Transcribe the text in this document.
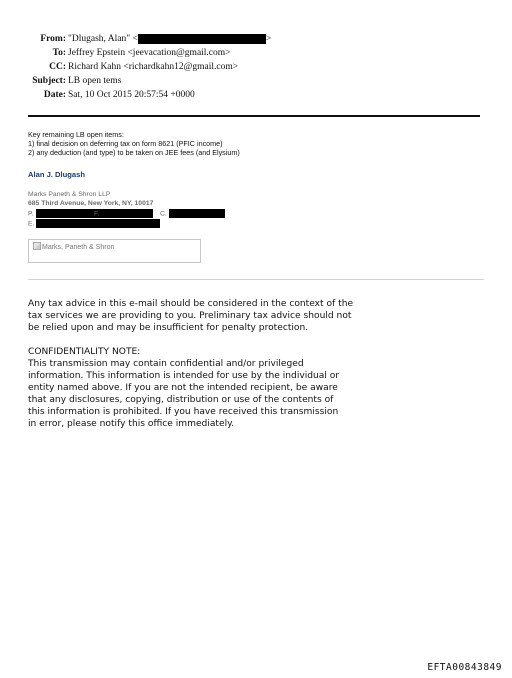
From: "Dlugash, Alan" <	>
To: Jeffrey Epstein <jeevacation@gmail.com>
CC: Richard Kahn <richardkahn12@gmail.com>
Subject: LB open tems
Date: Sat, 10 Oct 2015 20:57:54 +0000
Key remaining LB open items:
1) final decision on deferring tax on form 8621 (PFIC income)
2) any deduction (and type) to be taken on JEE fees (and Elysium)
Alan J. Dlugash
Marks Paneth & Shron LLP
685 Third Avenue, New York, NY, 10017
P.	F.	C.
E.
Marks, Paneth & Shron
Any tax advice in this e-mail should be considered in the context of the
tax services we are providing to you. Preliminary tax advice should not
be relied upon and may be insufficient for penalty protection.
CONFIDENTIALITY NOTE:
This transmission may contain confidential and/or privileged
information. This information is intended for use by the individual or
entity named above. If you are not the intended recipient, be aware
that any disclosures, copying, distribution or use of the contents of
this information is prohibited. If you have received this transmission
in error, please notify this office immediately.
EFTA00843849
